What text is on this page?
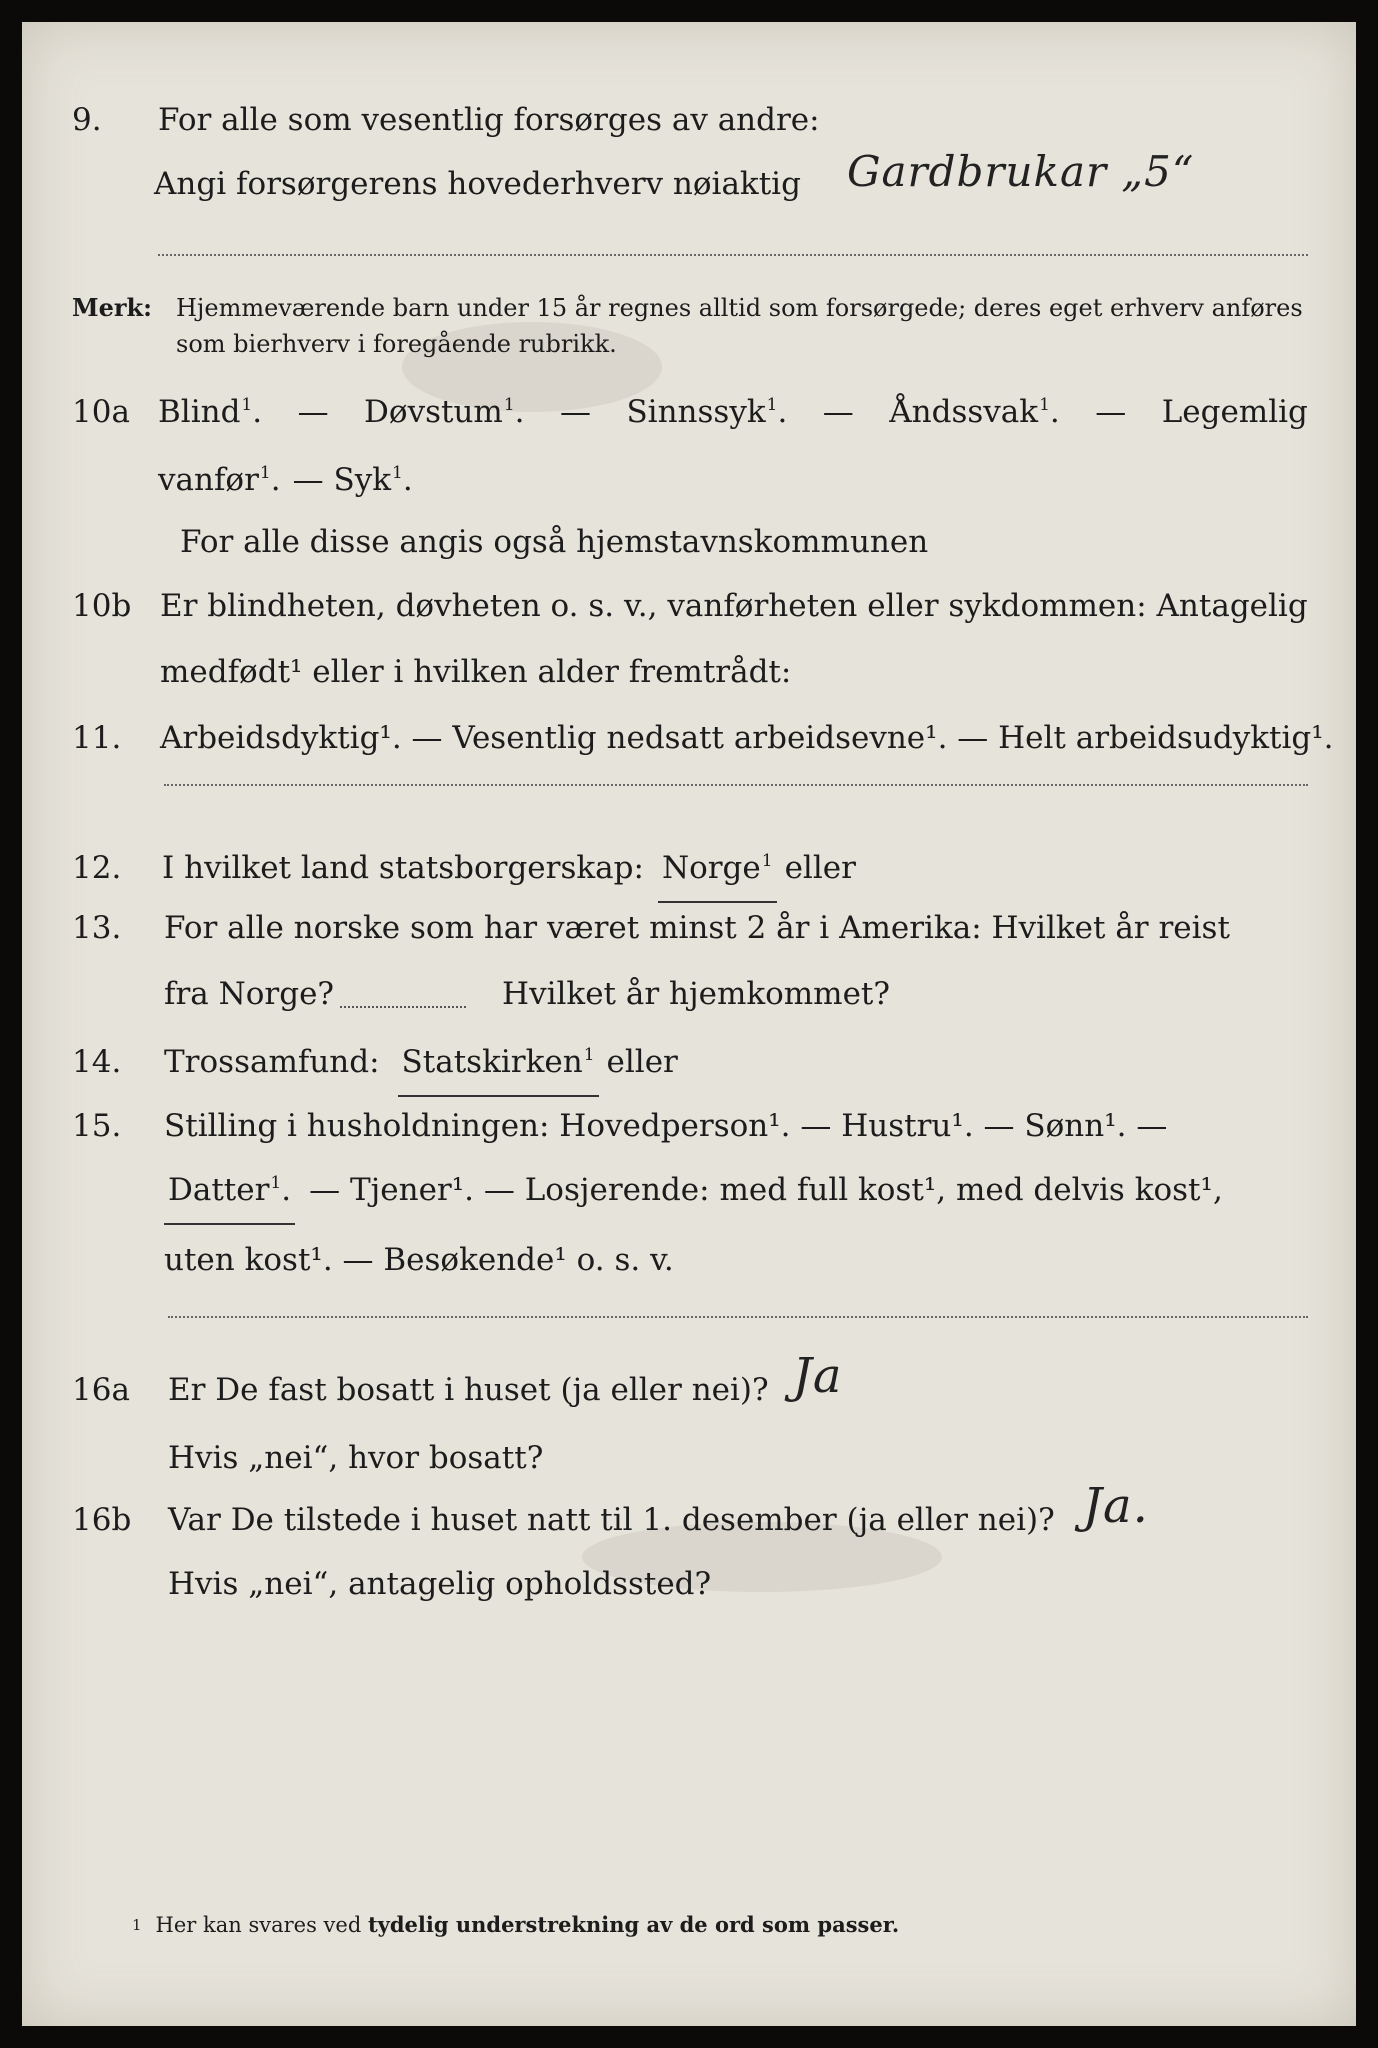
9.	For alle som vesentlig forsørges av andre:
Angi forsørgerens hovederhverv nøiaktig Gardbrukar „5“
Merk: Hjemmeværende barn under 15 år regnes alltid som forsørgede; deres eget erhverv anføres som bierhverv i foregående rubrikk.
10a Blind$^1$. — Døvstum$^1$. — Sinnssyk$^1$. — Åndssvak$^1$. — Legemlig
vanfør$^1$. — Syk$^1$.
For alle disse angis også hjemstavnskommunen
10b Er blindheten, døvheten o. s. v., vanførheten eller sykdommen: Antagelig
medfødt¹ eller i hvilken alder fremtrådt:
11.	Arbeidsdyktig¹. — Vesentlig nedsatt arbeidsevne¹. — Helt arbeidsudyktig¹.
12.	I hvilket land statsborgerskap: Norge$^1$ eller
13.	For alle norske som har været minst 2 år i Amerika: Hvilket år reist
fra Norge?	Hvilket år hjemkommet?
14.	Trossamfund: Statskirken$^1$ eller
15.	Stilling i husholdningen: Hovedperson¹. — Hustru¹. — Sønn¹. —
Datter$^1$. — Tjener¹. — Losjerende: med full kost¹, med delvis kost¹,
uten kost¹. — Besøkende¹ o. s. v.
16a	Er De fast bosatt i huset (ja eller nei)? Ja
Hvis „nei“, hvor bosatt?
16b	Var De tilstede i huset natt til 1. desember (ja eller nei)? Ja.
Hvis „nei“, antagelig opholdssted?
1 Her kan svares ved tydelig understrekning av de ord som passer.
